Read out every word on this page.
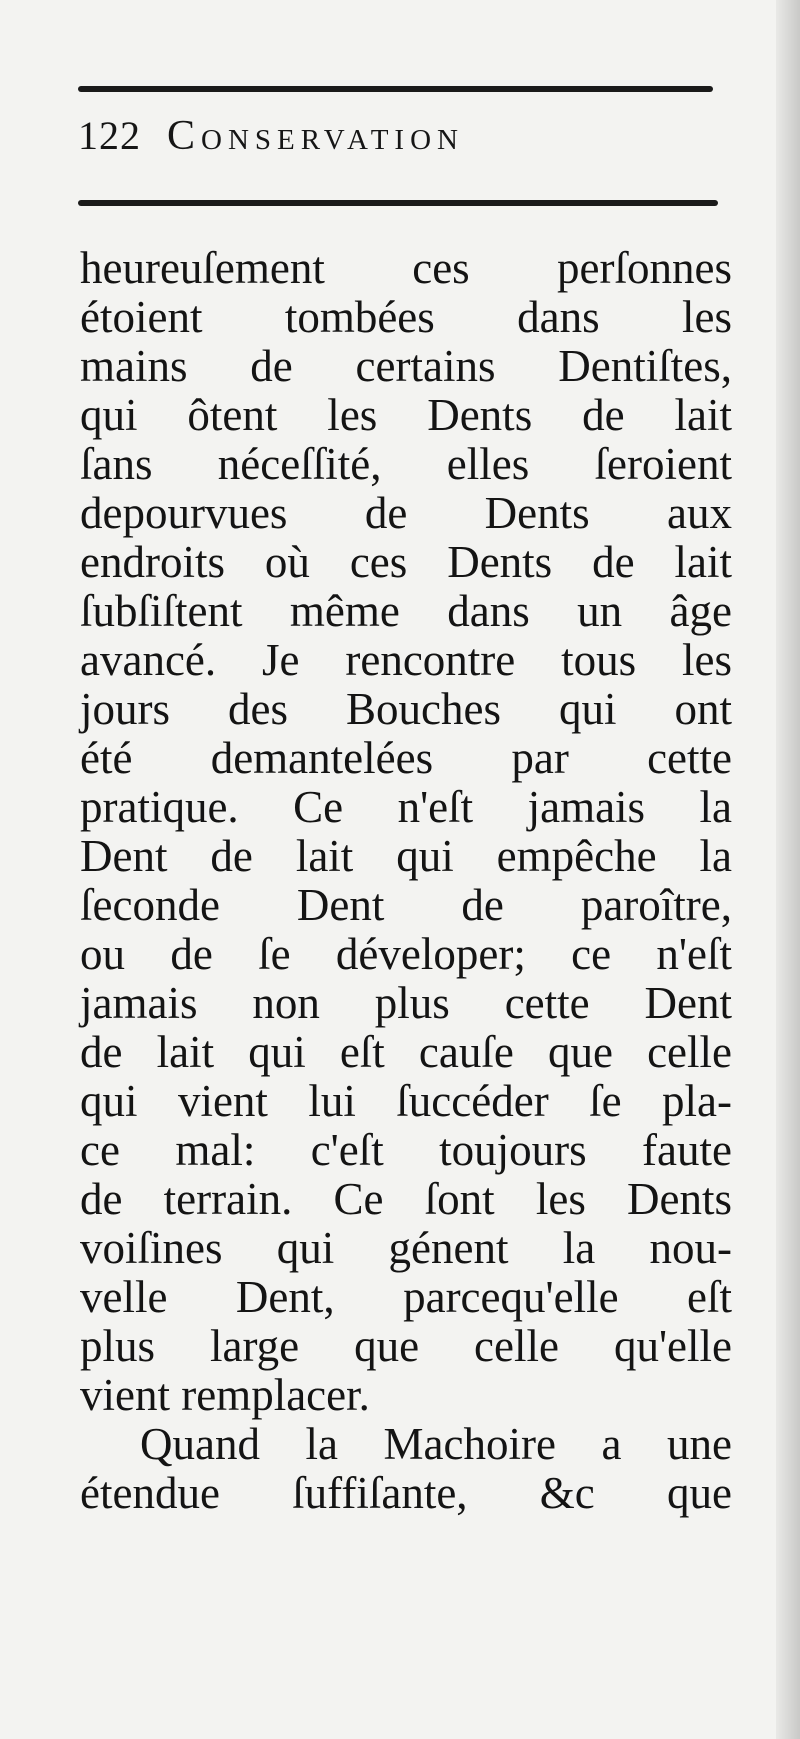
122 Conservation
heureuſement ces perſonnes
étoient tombées dans les
mains de certains Dentiſtes,
qui ôtent les Dents de lait
ſans néceſſité, elles ſeroient
depourvues de Dents aux
endroits où ces Dents de lait
ſubſiſtent même dans un âge
avancé. Je rencontre tous les
jours des Bouches qui ont
été demantelées par cette
pratique. Ce n'eſt jamais la
Dent de lait qui empêche la
ſeconde Dent de paroître,
ou de ſe déveloper; ce n'eſt
jamais non plus cette Dent
de lait qui eſt cauſe que celle
qui vient lui ſuccéder ſe pla-
ce mal: c'eſt toujours faute
de terrain. Ce ſont les Dents
voiſines qui génent la nou-
velle Dent, parcequ'elle eſt
plus large que celle qu'elle
vient remplacer.
Quand la Machoire a une
étendue ſuffiſante, &c que
